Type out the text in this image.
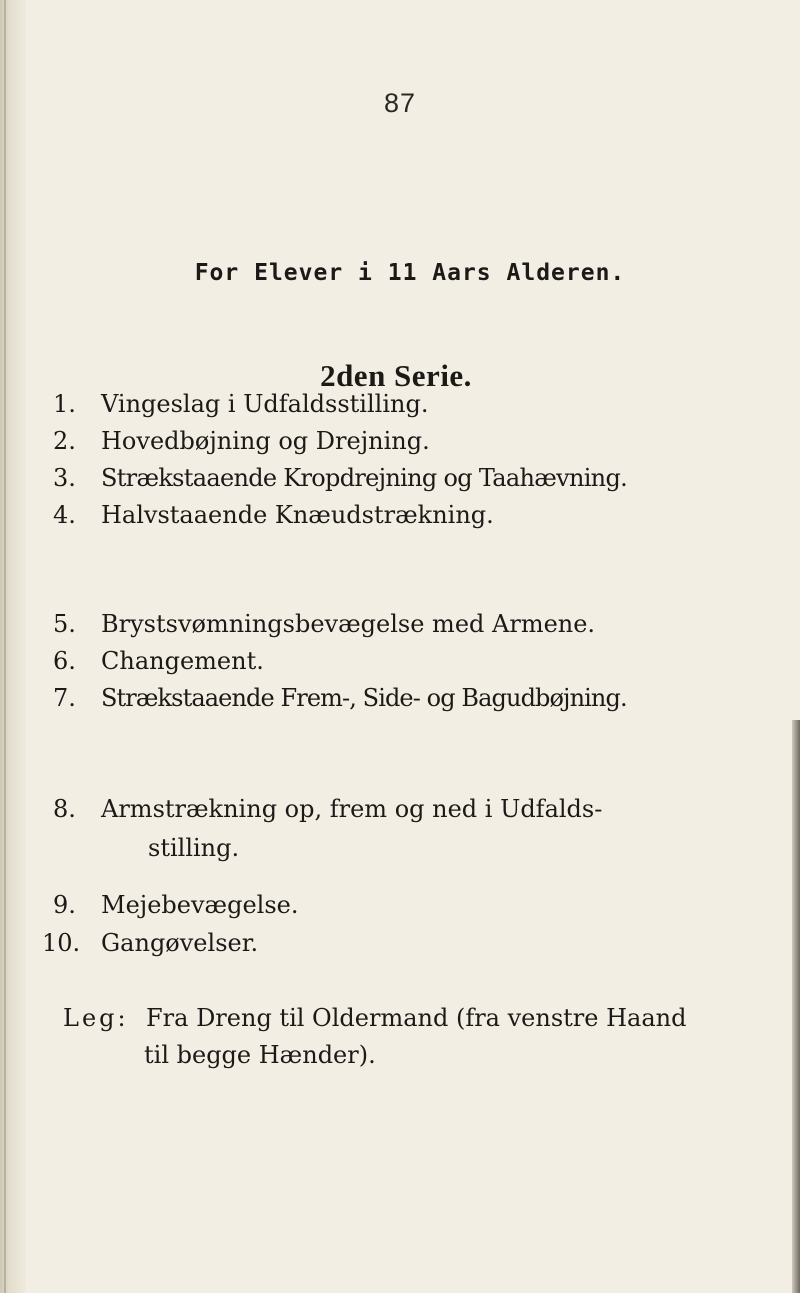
87
For Elever i 11 Aars Alderen.
2den Serie.
1. Vingeslag i Udfaldsstilling.
2. Hovedbøjning og Drejning.
3. Strækstaaende Kropdrejning og Taahævning.
4. Halvstaaende Knæudstrækning.
5. Brystsvømningsbevægelse med Armene.
6. Changement.
7. Strækstaaende Frem-, Side- og Bagudbøjning.
8. Armstrækning op, frem og ned i Udfalds-
stilling.
9. Mejebevægelse.
10. Gangøvelser.
Leg: Fra Dreng til Oldermand (fra venstre Haand
til begge Hænder).
